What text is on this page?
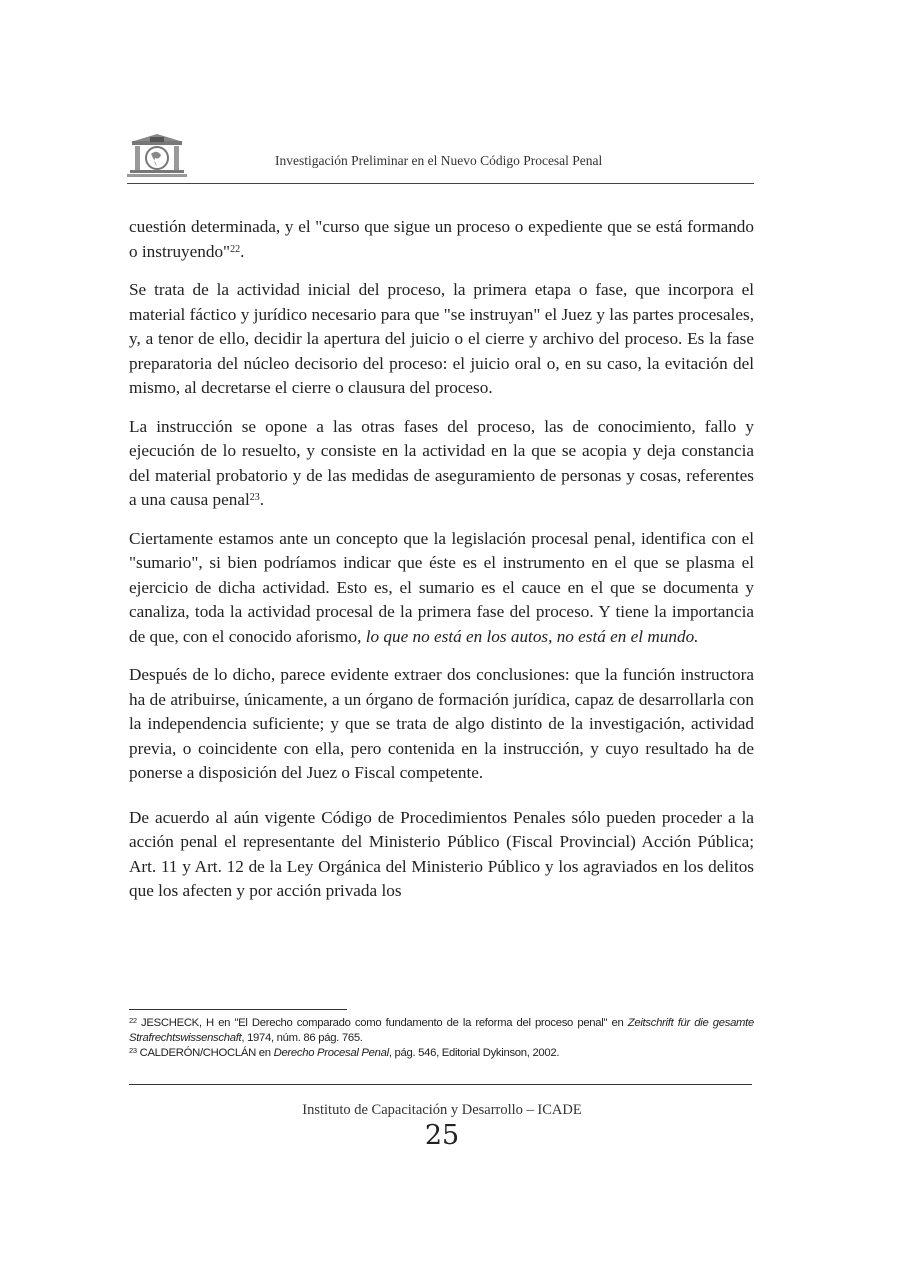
Investigación Preliminar en el Nuevo Código Procesal Penal

cuestión determinada, y el "curso que sigue un proceso o expediente que se está formando o instruyendo"$^{22}$.

Se trata de la actividad inicial del proceso, la primera etapa o fase, que incorpora el material fáctico y jurídico necesario para que "se instruyan" el Juez y las partes procesales, y, a tenor de ello, decidir la apertura del juicio o el cierre y archivo del proceso. Es la fase preparatoria del núcleo decisorio del proceso: el juicio oral o, en su caso, la evitación del mismo, al decretarse el cierre o clausura del proceso.

La instrucción se opone a las otras fases del proceso, las de conocimiento, fallo y ejecución de lo resuelto, y consiste en la actividad en la que se acopia y deja constancia del material probatorio y de las medidas de aseguramiento de personas y cosas, referentes a una causa penal$^{23}$.

Ciertamente estamos ante un concepto que la legislación procesal penal, identifica con el "sumario", si bien podríamos indicar que éste es el instrumento en el que se plasma el ejercicio de dicha actividad. Esto es, el sumario es el cauce en el que se documenta y canaliza, toda la actividad procesal de la primera fase del proceso. Y tiene la importancia de que, con el conocido aforismo, lo que no está en los autos, no está en el mundo.

Después de lo dicho, parece evidente extraer dos conclusiones: que la función instructora ha de atribuirse, únicamente, a un órgano de formación jurídica, capaz de desarrollarla con la independencia suficiente; y que se trata de algo distinto de la investigación, actividad previa, o coincidente con ella, pero contenida en la instrucción, y cuyo resultado ha de ponerse a disposición del Juez o Fiscal competente.

De acuerdo al aún vigente Código de Procedimientos Penales sólo pueden proceder a la acción penal el representante del Ministerio Público (Fiscal Provincial) Acción Pública; Art. 11 y Art. 12 de la Ley Orgánica del Ministerio Público y los agraviados en los delitos que los afecten y por acción privada los

$^{22}$ JESCHECK, H en "El Derecho comparado como fundamento de la reforma del proceso penal" en Zeitschrift für die gesamte Strafrechtswissenschaft, 1974, núm. 86 pág. 765.
$^{23}$ CALDERÓN/CHOCLÁN en Derecho Procesal Penal, pág. 546, Editorial Dykinson, 2002.
Instituto de Capacitación y Desarrollo – ICADE
25
